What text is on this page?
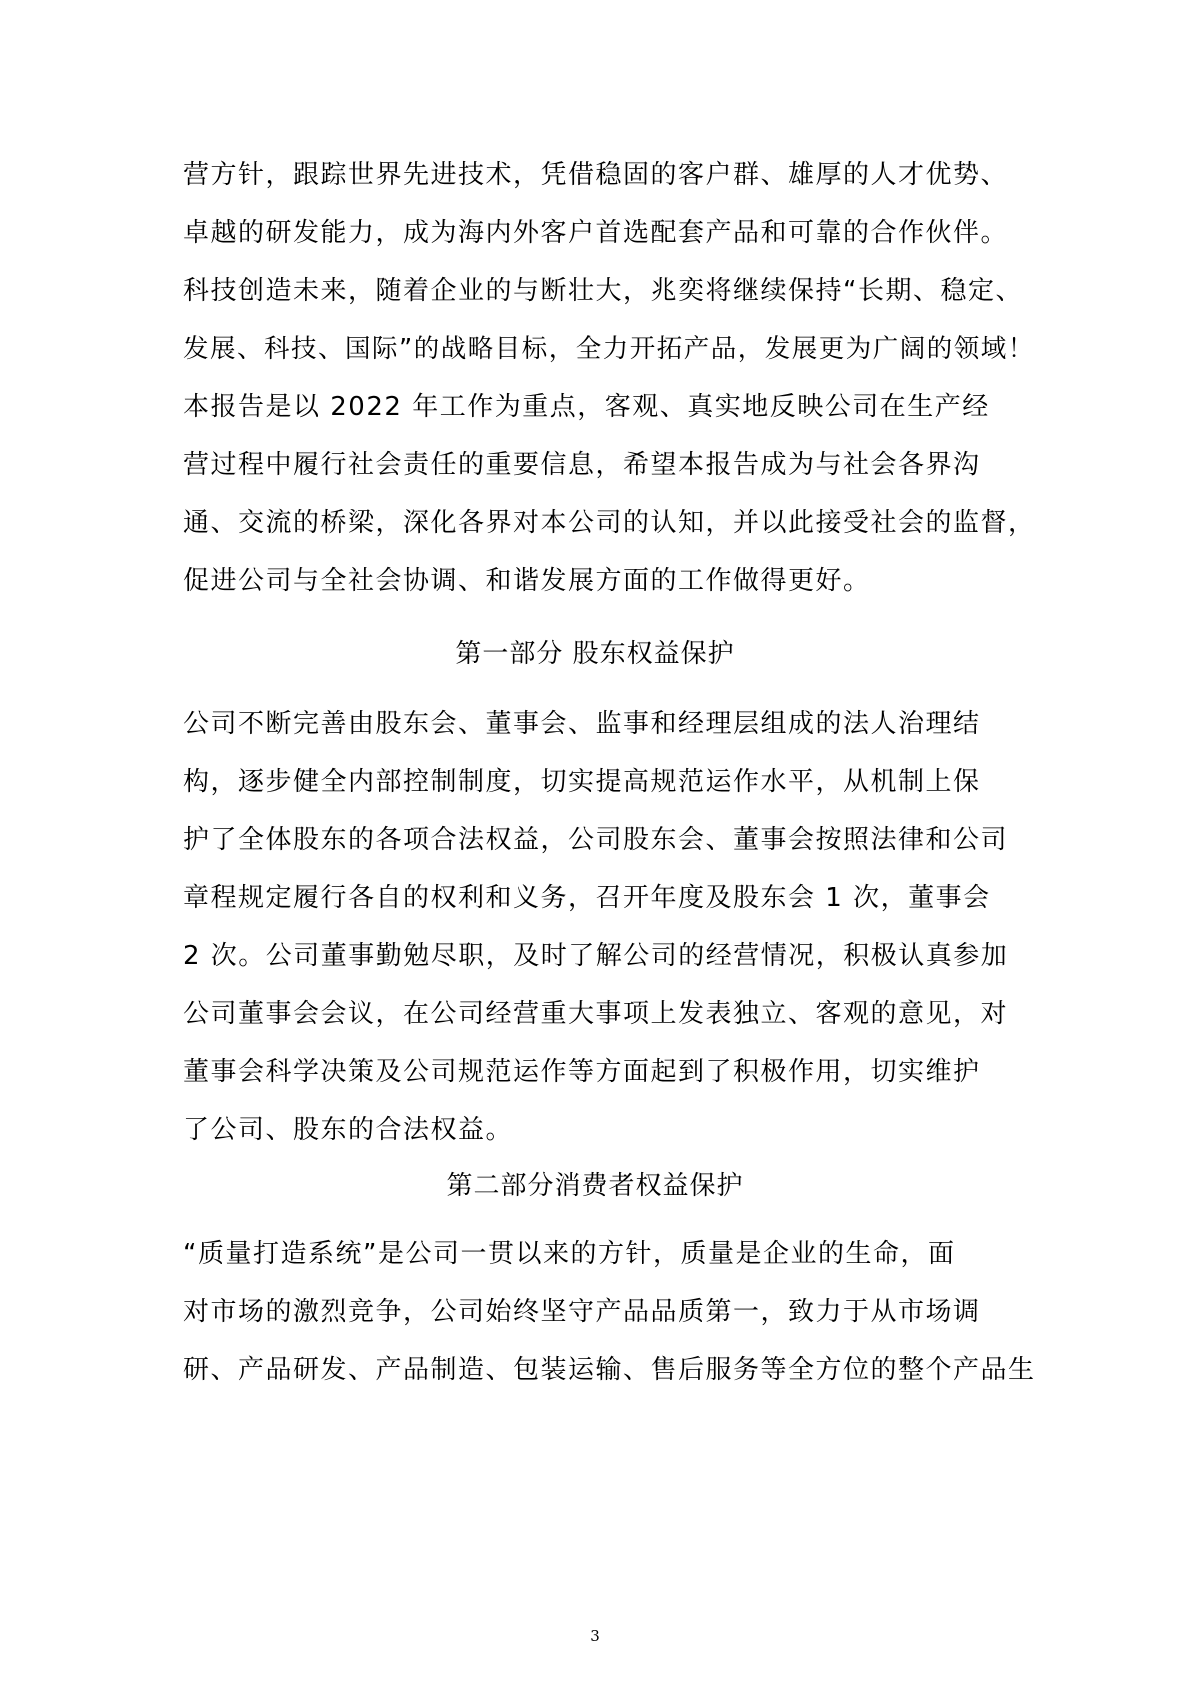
营方针，跟踪世界先进技术，凭借稳固的客户群、雄厚的人才优势、
卓越的研发能力，成为海内外客户首选配套产品和可靠的合作伙伴。
科技创造未来，随着企业的与断壮大，兆奕将继续保持“长期、稳定、
发展、科技、国际”的战略目标，全力开拓产品，发展更为广阔的领域！
本报告是以 2022 年工作为重点，客观、真实地反映公司在生产经
营过程中履行社会责任的重要信息，希望本报告成为与社会各界沟
通、交流的桥梁，深化各界对本公司的认知，并以此接受社会的监督，
促进公司与全社会协调、和谐发展方面的工作做得更好。
第一部分 股东权益保护
公司不断完善由股东会、董事会、监事和经理层组成的法人治理结
构，逐步健全内部控制制度，切实提高规范运作水平，从机制上保
护了全体股东的各项合法权益，公司股东会、董事会按照法律和公司
章程规定履行各自的权利和义务，召开年度及股东会 1 次，董事会
2 次。公司董事勤勉尽职，及时了解公司的经营情况，积极认真参加
公司董事会会议，在公司经营重大事项上发表独立、客观的意见，对
董事会科学决策及公司规范运作等方面起到了积极作用，切实维护
了公司、股东的合法权益。
第二部分消费者权益保护
“质量打造系统”是公司一贯以来的方针，质量是企业的生命，面
对市场的激烈竞争，公司始终坚守产品品质第一，致力于从市场调
研、产品研发、产品制造、包装运输、售后服务等全方位的整个产品生
3
